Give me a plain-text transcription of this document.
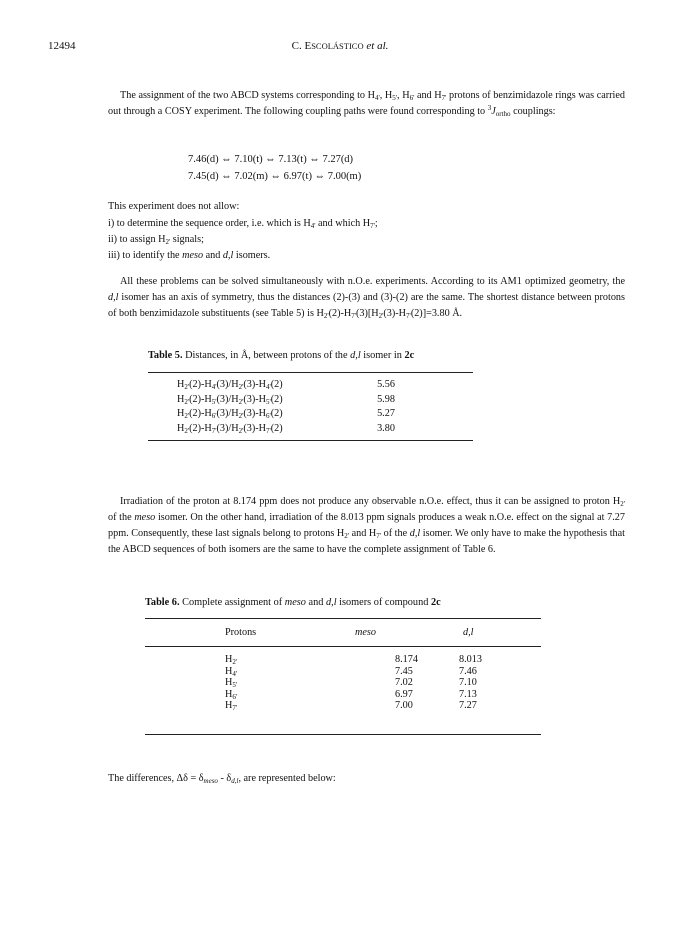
12494	C. ESCOLÁSTICO et al.
The assignment of the two ABCD systems corresponding to $H_{4'}$, $H_{5'}$, $H_{6'}$ and $H_{7'}$ protons of benzimidazole rings was carried out through a COSY experiment. The following coupling paths were found corresponding to $^3J_{ortho}$ couplings:
7.46(d) ⇔ 7.10(t) ⇔ 7.13(t) ⇔ 7.27(d)
7.45(d) ⇔ 7.02(m) ⇔ 6.97(t) ⇔ 7.00(m)
This experiment does not allow:
i) to determine the sequence order, i.e. which is $H_{4'}$ and which $H_{7'}$;
ii) to assign $H_{2'}$ signals;
iii) to identify the meso and d,l isomers.
All these problems can be solved simultaneously with n.O.e. experiments. According to its AM1 optimized geometry, the d,l isomer has an axis of symmetry, thus the distances (2)-(3) and (3)-(2) are the same. The shortest distance between protons of both benzimidazole substituents (see Table 5) is $H_{2'}(2)-H_{7'}(3)[H_{2'}(3)-H_{7'}(2)]=3.80$ Å.
Table 5. Distances, in Å, between protons of the d,l isomer in 2c
$H_{2'}(2)-H_{4'}(3)/H_{2'}(3)-H_{4'}(2)$	5.56
$H_{2'}(2)-H_{5'}(3)/H_{2'}(3)-H_{5'}(2)$	5.98
$H_{2'}(2)-H_{6'}(3)/H_{2'}(3)-H_{6'}(2)$	5.27
$H_{2'}(2)-H_{7'}(3)/H_{2'}(3)-H_{7'}(2)$	3.80
Irradiation of the proton at 8.174 ppm does not produce any observable n.O.e. effect, thus it can be assigned to proton $H_{2'}$ of the meso isomer. On the other hand, irradiation of the 8.013 ppm signals produces a weak n.O.e. effect on the signal at 7.27 ppm. Consequently, these last signals belong to protons $H_{2'}$ and $H_{7'}$ of the d,l isomer. We only have to make the hypothesis that the ABCD sequences of both isomers are the same to have the complete assignment of Table 6.
Table 6. Complete assignment of meso and d,l isomers of compound 2c
Protons	meso	d,l
$H_{2'}$	8.174	8.013
$H_{4'}$	7.45	7.46
$H_{5'}$	7.02	7.10
$H_{6'}$	6.97	7.13
$H_{7'}$	7.00	7.27
The differences, $\Delta\delta = \delta_{meso} - \delta_{d,l}$, are represented below:
